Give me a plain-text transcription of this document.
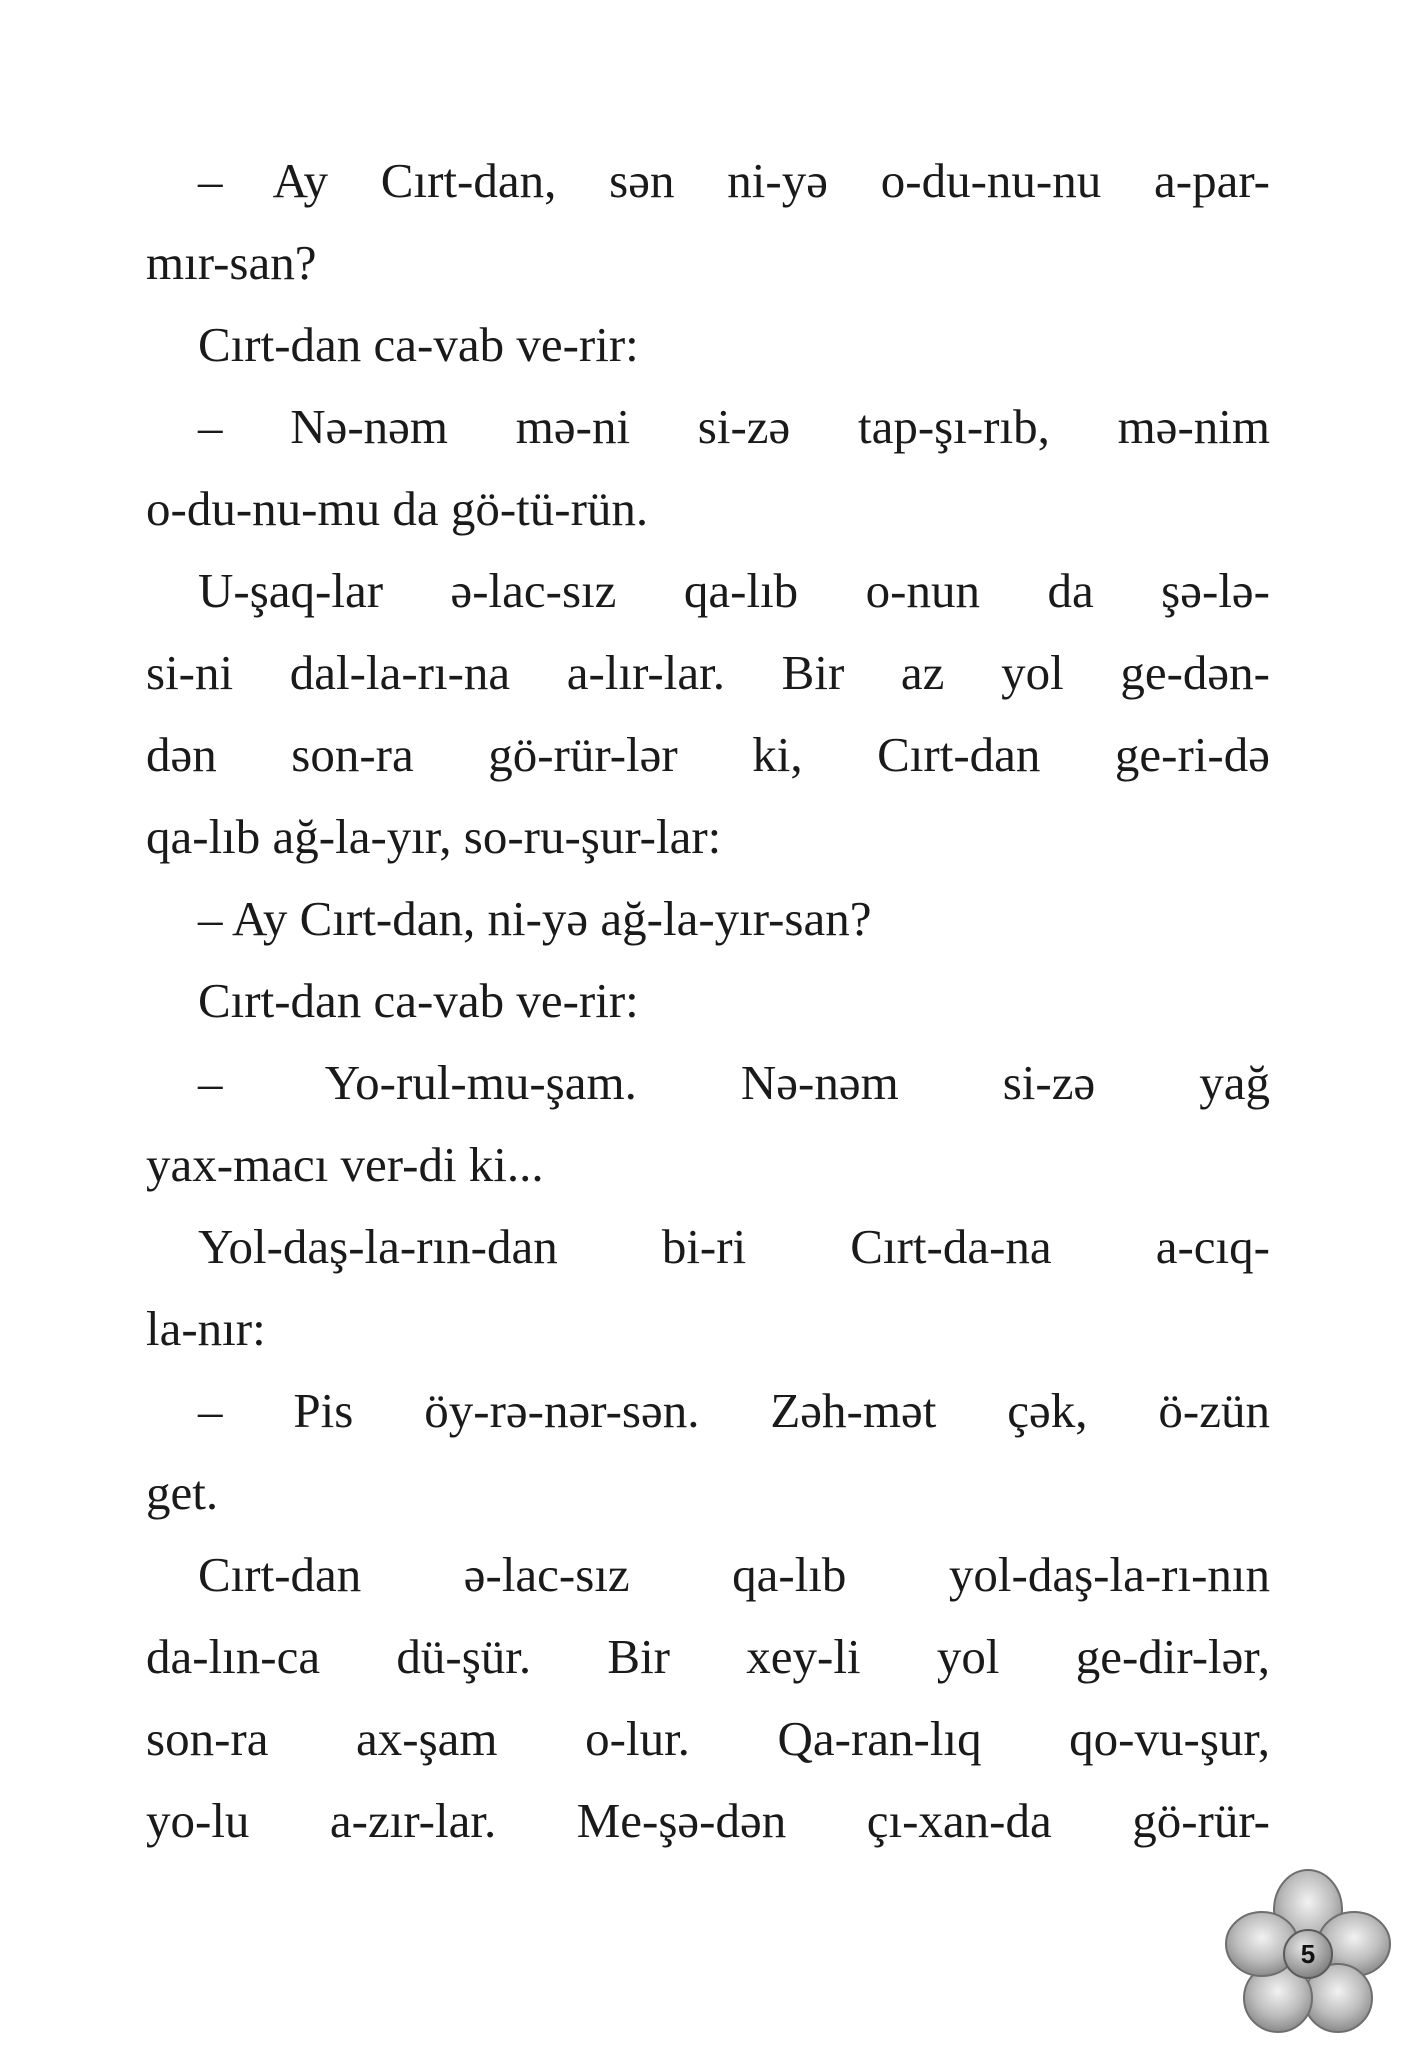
– Ay Cırt-dan, sən ni-yə o-du-nu-nu a-par-
mır-san?

Cırt-dan ca-vab ve-rir:

– Nə-nəm mə-ni si-zə tap-şı-rıb, mə-nim
o-du-nu-mu da gö-tü-rün.

U-şaq-lar ə-lac-sız qa-lıb o-nun da şə-lə-
si-ni dal-la-rı-na a-lır-lar. Bir az yol ge-dən-
dən son-ra gö-rür-lər ki, Cırt-dan ge-ri-də
qa-lıb ağ-la-yır, so-ru-şur-lar:

– Ay Cırt-dan, ni-yə ağ-la-yır-san?

Cırt-dan ca-vab ve-rir:

– Yo-rul-mu-şam. Nə-nəm si-zə yağ
yax-macı ver-di ki...

Yol-daş-la-rın-dan bi-ri Cırt-da-na a-cıq-
la-nır:

– Pis öy-rə-nər-sən. Zəh-mət çək, ö-zün
get.

Cırt-dan ə-lac-sız qa-lıb yol-daş-la-rı-nın
da-lın-ca dü-şür. Bir xey-li yol ge-dir-lər,
son-ra ax-şam o-lur. Qa-ran-lıq qo-vu-şur,
yo-lu a-zır-lar. Me-şə-dən çı-xan-da gö-rür-

5
